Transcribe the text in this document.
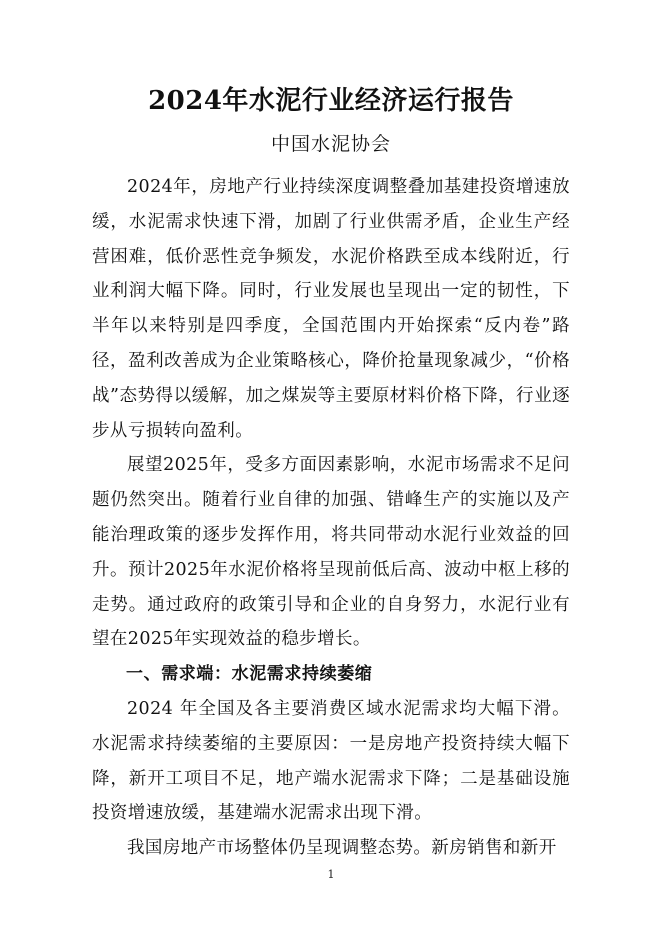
2024年水泥行业经济运行报告
中国水泥协会

2024年，房地产行业持续深度调整叠加基建投资增速放缓，水泥需求快速下滑，加剧了行业供需矛盾，企业生产经营困难，低价恶性竞争频发，水泥价格跌至成本线附近，行业利润大幅下降。同时，行业发展也呈现出一定的韧性，下半年以来特别是四季度，全国范围内开始探索“反内卷”路径，盈利改善成为企业策略核心，降价抢量现象减少，“价格战”态势得以缓解，加之煤炭等主要原材料价格下降，行业逐步从亏损转向盈利。

展望2025年，受多方面因素影响，水泥市场需求不足问题仍然突出。随着行业自律的加强、错峰生产的实施以及产能治理政策的逐步发挥作用，将共同带动水泥行业效益的回升。预计2025年水泥价格将呈现前低后高、波动中枢上移的走势。通过政府的政策引导和企业的自身努力，水泥行业有望在2025年实现效益的稳步增长。

一、需求端：水泥需求持续萎缩

2024 年全国及各主要消费区域水泥需求均大幅下滑。水泥需求持续萎缩的主要原因：一是房地产投资持续大幅下降，新开工项目不足，地产端水泥需求下降；二是基础设施投资增速放缓，基建端水泥需求出现下滑。

我国房地产市场整体仍呈现调整态势。新房销售和新开

1
